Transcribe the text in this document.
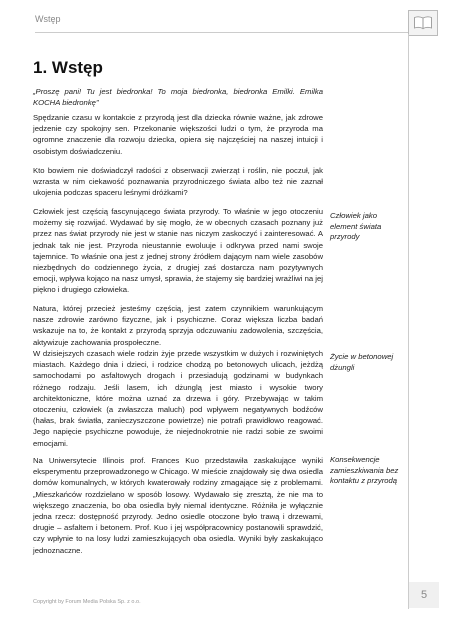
Wstęp
1. Wstęp
„Proszę pani! Tu jest biedronka! To moja biedronka, biedronka Emilki. Emilka KOCHA biedronkę”
Spędzanie czasu w kontakcie z przyrodą jest dla dziecka równie ważne, jak zdrowe jedzenie czy spokojny sen. Przekonanie większości ludzi o tym, że przyroda ma ogromne znaczenie dla rozwoju dziecka, opiera się najczęściej na naszej intuicji i osobistym doświadczeniu.
Kto bowiem nie doświadczył radości z obserwacji zwierząt i roślin, nie poczuł, jak wzrasta w nim ciekawość poznawania przyrodniczego świata albo też nie zaznał ukojenia podczas spaceru leśnymi dróżkami?
Człowiek jest częścią fascynującego świata przyrody. To właśnie w jego otoczeniu możemy się rozwijać. Wydawać by się mogło, że w obecnych czasach poznany już przez nas świat przyrody nie jest w stanie nas niczym zaskoczyć i zainteresować. A jednak tak nie jest. Przyroda nieustannie ewoluuje i odkrywa przed nami swoje tajemnice. To właśnie ona jest z jednej strony źródłem dającym nam wiele zasobów niezbędnych do codziennego życia, z drugiej zaś dostarcza nam pozytywnych emocji, wpływa kojąco na nasz umysł, sprawia, że stajemy się bardziej wrażliwi na jej piękno i drugiego człowieka.
Natura, której przecież jesteśmy częścią, jest zatem czynnikiem warunkującym nasze zdrowie zarówno fizyczne, jak i psychiczne. Coraz większa liczba badań wskazuje na to, że kontakt z przyrodą sprzyja odczuwaniu zadowolenia, szczęścia, aktywizuje zachowania prospołeczne.
W dzisiejszych czasach wiele rodzin żyje przede wszystkim w dużych i rozwiniętych miastach. Każdego dnia i dzieci, i rodzice chodzą po betonowych ulicach, jeżdżą samochodami po asfaltowych drogach i przesiadują godzinami w budynkach różnego rodzaju. Jeśli lasem, ich dżunglą jest miasto i wysokie twory architektoniczne, które można uznać za drzewa i góry. Przebywając w takim otoczeniu, człowiek (a zwłaszcza maluch) pod wpływem negatywnych bodźców (hałas, brak światła, zanieczyszczone powietrze) nie potrafi prawidłowo reagować. Jego napięcie psychiczne powoduje, że niejednokrotnie nie radzi sobie ze swoimi emocjami.
Na Uniwersytecie Illinois prof. Frances Kuo przedstawiła zaskakujące wyniki eksperymentu przeprowadzonego w Chicago. W mieście znajdowały się dwa osiedla domów komunalnych, w których kwaterowały rodziny zmagające się z problemami. „Mieszkańców rozdzielano w sposób losowy. Wydawało się zresztą, że nie ma to większego znaczenia, bo oba osiedla były niemal identyczne. Różniła je wyłącznie jedna rzecz: dostępność przyrody. Jedno osiedle otoczone było trawą i drzewami, drugie – asfaltem i betonem. Prof. Kuo i jej współpracownicy postanowili sprawdzić, czy wpłynie to na losy ludzi zamieszkujących oba osiedla. Wyniki były zaskakująco jednoznaczne.
Człowiek jako element świata przyrody
Życie w betonowej dżungli
Konsekwencje zamieszkiwania bez kontaktu z przyrodą
5
Copyright by Forum Media Polska Sp. z o.o.
